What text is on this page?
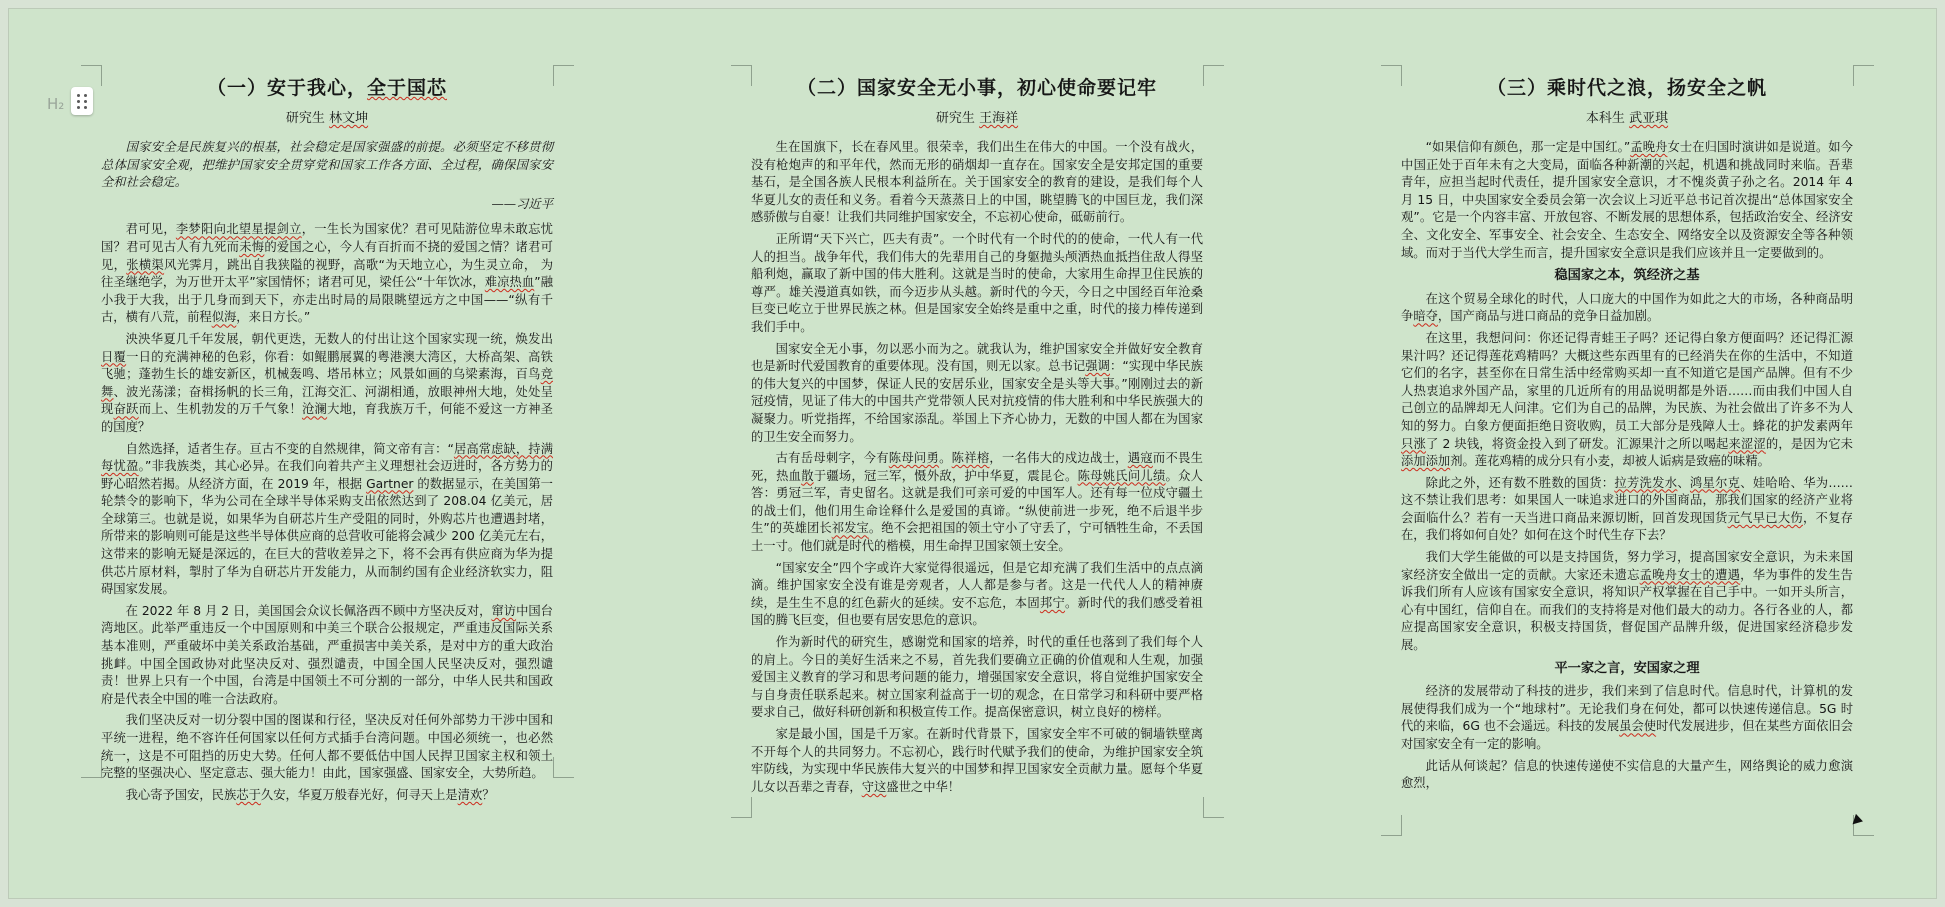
H₂
（一）安于我心，全于国芯
研究生 林文坤
国家安全是民族复兴的根基，社会稳定是国家强盛的前提。必须坚定不移贯彻总体国家安全观，把维护国家安全贯穿党和国家工作各方面、全过程，确保国家安全和社会稳定。
——习近平
君可见，李梦阳向北望星提剑立，一生长为国家优？君可见陆游位卑未敢忘忧国？君可见古人有九死而未悔的爱国之心，今人有百折而不挠的爱国之情？诸君可见，张横渠风光霁月，跳出自我狭隘的视野，高歌“为天地立心，为生灵立命， 为往圣继绝学，为万世开太平”家国情怀；诸君可见，梁任公“十年饮冰，难凉热血”融小我于大我，出于几身而到天下，亦走出时局的局限眺望远方之中国——“纵有千古，横有八荒，前程似海，来日方长。”
泱泱华夏几千年发展，朝代更迭，无数人的付出让这个国家实现一统，焕发出日覆一日的充满神秘的色彩，你看：如鲲鹏展翼的粤港澳大湾区，大桥高架、高铁飞驰；蓬勃生长的雄安新区，机械轰鸣、塔吊林立；风景如画的乌梁素海，百鸟竞舞、波光荡漾；奋楫扬帆的长三角，江海交汇、河湖相通，放眼神州大地，处处呈现奋跃而上、生机勃发的万千气象！沧澜大地，育我族万千，何能不爱这一方神圣的国度？
自然选择，适者生存。亘古不变的自然规律，简文帝有言：“居高常虑缺，持满每忧盈。”非我族类，其心必异。在我们向着共产主义理想社会迈进时，各方势力的野心昭然若揭。从经济方面，在 2019 年，根据 Gartner 的数据显示，在美国第一轮禁令的影响下，华为公司在全球半导体采购支出依然达到了 208.04 亿美元，居全球第三。也就是说，如果华为自研芯片生产受阻的同时，外购芯片也遭遇封堵，所带来的影响则可能是这些半导体供应商的总营收可能将会减少 200 亿美元左右，这带来的影响无疑是深远的，在巨大的营收差异之下，将不会再有供应商为华为提供芯片原材料，掣肘了华为自研芯片开发能力，从而制约国有企业经济软实力，阻碍国家发展。
在 2022 年 8 月 2 日，美国国会众议长佩洛西不顾中方坚决反对，窜访中国台湾地区。此举严重违反一个中国原则和中美三个联合公报规定，严重违反国际关系基本准则，严重破坏中美关系政治基础，严重损害中美关系，是对中方的重大政治挑衅。中国全国政协对此坚决反对、强烈谴责，中国全国人民坚决反对，强烈谴责！世界上只有一个中国，台湾是中国领土不可分割的一部分，中华人民共和国政府是代表全中国的唯一合法政府。
我们坚决反对一切分裂中国的图谋和行径，坚决反对任何外部势力干涉中国和平统一进程，绝不容许任何国家以任何方式插手台湾问题。中国必须统一，也必然统一，这是不可阻挡的历史大势。任何人都不要低估中国人民捍卫国家主权和领土完整的坚强决心、坚定意志、强大能力！由此，国家强盛、国家安全，大势所趋。
我心寄予国安，民族芯于久安，华夏万般春光好，何寻天上是清欢？
（二）国家安全无小事，初心使命要记牢
研究生 王海祥
生在国旗下，长在春风里。很荣幸，我们出生在伟大的中国。一个没有战火，没有枪炮声的和平年代，然而无形的硝烟却一直存在。国家安全是安邦定国的重要基石，是全国各族人民根本利益所在。关于国家安全的教育的建设，是我们每个人华夏儿女的责任和义务。看着今天蒸蒸日上的中国，眺望腾飞的中国巨龙，我们深感骄傲与自豪！让我们共同维护国家安全，不忘初心使命，砥砺前行。
正所谓“天下兴亡，匹夫有责”。一个时代有一个时代的的使命，一代人有一代人的担当。战争年代，我们伟大的先辈用自己的身躯抛头颅洒热血抵挡住敌人得坚船利炮，赢取了新中国的伟大胜利。这就是当时的使命，大家用生命捍卫住民族的尊严。雄关漫道真如铁，而今迈步从头越。新时代的今天，今日之中国经百年沧桑巨变已屹立于世界民族之林。但是国家安全始终是重中之重，时代的接力棒传递到我们手中。
国家安全无小事，勿以恶小而为之。就我认为，维护国家安全并做好安全教育也是新时代爱国教育的重要体现。没有国，则无以家。总书记强调：“实现中华民族的伟大复兴的中国梦，保证人民的安居乐业，国家安全是头等大事。”刚刚过去的新冠疫情，见证了伟大的中国共产党带领人民对抗疫情的伟大胜利和中华民族强大的凝聚力。听党指挥，不给国家添乱。举国上下齐心协力，无数的中国人都在为国家的卫生安全而努力。
古有岳母刺字，今有陈母问勇。陈祥榕，一名伟大的戍边战士，遇寇而不畏生死，热血散于疆场，冠三军，慑外敌，护中华夏，震昆仑。陈母姚氏问儿绩。众人答：勇冠三军，青史留名。这就是我们可亲可爱的中国军人。还有每一位戍守疆土的战士们，他们用生命诠释什么是爱国的真谛。“纵使前进一步死，绝不后退半步生”的英雄团长祁发宝。绝不会把祖国的领土守小了守丢了，宁可牺牲生命，不丢国土一寸。他们就是时代的楷模，用生命捍卫国家领土安全。
“国家安全”四个字或许大家觉得很遥远，但是它却充满了我们生活中的点点滴滴。维护国家安全没有谁是旁观者，人人都是参与者。这是一代代人人的精神赓续，是生生不息的红色薪火的延续。安不忘危，本固邦宁。新时代的我们感受着祖国的腾飞巨变，但也要有居安思危的意识。
作为新时代的研究生，感谢党和国家的培养，时代的重任也落到了我们每个人的肩上。今日的美好生活来之不易，首先我们要确立正确的价值观和人生观，加强爱国主义教育的学习和思考问题的能力，增强国家安全意识，将自觉维护国家安全与自身责任联系起来。树立国家利益高于一切的观念，在日常学习和科研中要严格要求自己，做好科研创新和积极宣传工作。提高保密意识，树立良好的榜样。
家是最小国，国是千万家。在新时代背景下，国家安全牢不可破的铜墙铁壁离不开每个人的共同努力。不忘初心，践行时代赋予我们的使命，为维护国家安全筑牢防线，为实现中华民族伟大复兴的中国梦和捍卫国家安全贡献力量。愿每个华夏儿女以吾辈之青春，守这盛世之中华！
（三）乘时代之浪，扬安全之帆
本科生 武亚琪
“如果信仰有颜色，那一定是中国红。”孟晚舟女士在归国时演讲如是说道。如今中国正处于百年未有之大变局，面临各种新潮的兴起，机遇和挑战同时来临。吾辈青年，应担当起时代责任，提升国家安全意识，才不愧炎黄子孙之名。2014 年 4 月 15 日，中央国家安全委员会第一次会议上习近平总书记首次提出“总体国家安全观”。它是一个内容丰富、开放包容、不断发展的思想体系，包括政治安全、经济安全、文化安全、军事安全、社会安全、生态安全、网络安全以及资源安全等各种领域。而对于当代大学生而言，提升国家安全意识是我们应该并且一定要做到的。
稳国家之本，筑经济之基
在这个贸易全球化的时代，人口庞大的中国作为如此之大的市场，各种商品明争暗夺，国产商品与进口商品的竞争日益加剧。
在这里，我想问问：你还记得青蛙王子吗？还记得白象方便面吗？还记得汇源果汁吗？还记得莲花鸡精吗？大概这些东西里有的已经消失在你的生活中，不知道它们的名字，甚至你在日常生活中经常购买却一直不知道它是国产品牌。但有不少人热衷追求外国产品，家里的几近所有的用品说明都是外语……而由我们中国人自己创立的品牌却无人问津。它们为自己的品牌，为民族、为社会做出了许多不为人知的努力。白象方便面拒绝日资收购，员工大部分是残障人士。蜂花的护发素两年只涨了 2 块钱，将资金投入到了研发。汇源果汁之所以喝起来涩涩的，是因为它未添加添加剂。莲花鸡精的成分只有小麦，却被人诟病是致癌的味精。
除此之外，还有数不胜数的国货：拉芳洗发水、鸿星尔克、娃哈哈、华为……这不禁让我们思考：如果国人一味追求进口的外国商品，那我们国家的经济产业将会面临什么？若有一天当进口商品来源切断，回首发现国货元气早已大伤，不复存在，我们将如何自处？如何在这个时代生存下去？
我们大学生能做的可以是支持国货，努力学习，提高国家安全意识，为未来国家经济安全做出一定的贡献。大家还未遗忘孟晚舟女士的遭遇，华为事件的发生告诉我们所有人应该有国家安全意识，将知识产权掌握在自己手中。一如开头所言，心有中国红，信仰自在。而我们的支持将是对他们最大的动力。各行各业的人，都应提高国家安全意识，积极支持国货，督促国产品牌升级，促进国家经济稳步发展。
平一家之言，安国家之理
经济的发展带动了科技的进步，我们来到了信息时代。信息时代，计算机的发展使得我们成为一个“地球村”。无论我们身在何处，都可以快速传递信息。5G 时代的来临，6G 也不会遥远。科技的发展虽会使时代发展进步，但在某些方面依旧会对国家安全有一定的影响。
此话从何谈起？信息的快速传递使不实信息的大量产生，网络舆论的威力愈演愈烈，
